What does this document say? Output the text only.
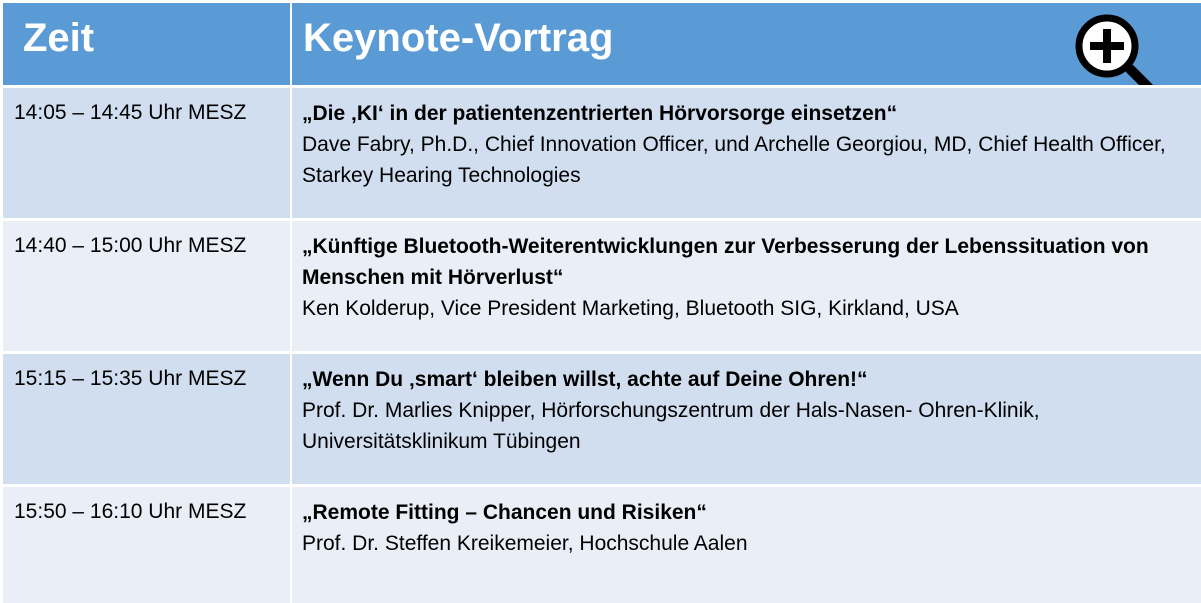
Zeit	Keynote-Vortrag
14:05 – 14:45 Uhr MESZ	„Die ‚KI‘ in der patientenzentrierten Hörvorsorge einsetzen“
Dave Fabry, Ph.D., Chief Innovation Officer, und Archelle Georgiou, MD, Chief Health Officer, Starkey Hearing Technologies
14:40 – 15:00 Uhr MESZ	„Künftige Bluetooth-Weiterentwicklungen zur Verbesserung der Lebenssituation von Menschen mit Hörverlust“
Ken Kolderup, Vice President Marketing, Bluetooth SIG, Kirkland, USA
15:15 – 15:35 Uhr MESZ	„Wenn Du ‚smart‘ bleiben willst, achte auf Deine Ohren!“
Prof. Dr. Marlies Knipper, Hörforschungszentrum der Hals-Nasen- Ohren-Klinik, Universitätsklinikum Tübingen
15:50 – 16:10 Uhr MESZ	„Remote Fitting – Chancen und Risiken“
Prof. Dr. Steffen Kreikemeier, Hochschule Aalen
